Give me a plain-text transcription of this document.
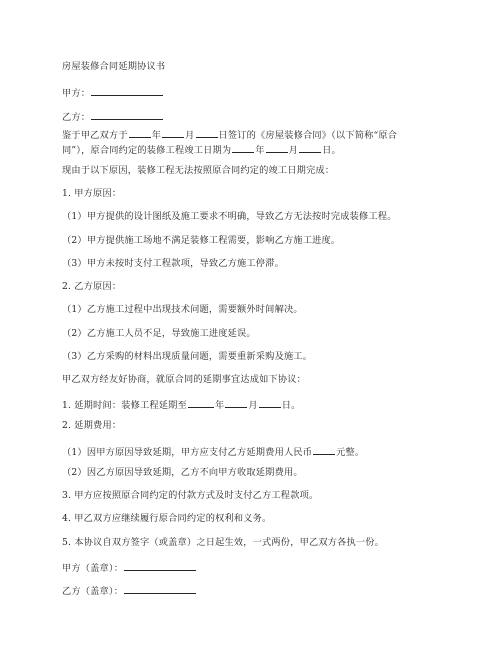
房屋装修合同延期协议书
甲方：
乙方：
鉴于甲乙双方于	年	月	日签订的《房屋装修合同》（以下简称“原合
同”），原合同约定的装修工程竣工日期为	年	月	日。
现由于以下原因，装修工程无法按照原合同约定的竣工日期完成：
1. 甲方原因：
（1）甲方提供的设计图纸及施工要求不明确，导致乙方无法按时完成装修工程。
（2）甲方提供施工场地不满足装修工程需要，影响乙方施工进度。
（3）甲方未按时支付工程款项，导致乙方施工停滞。
2. 乙方原因：
（1）乙方施工过程中出现技术问题，需要额外时间解决。
（2）乙方施工人员不足，导致施工进度延误。
（3）乙方采购的材料出现质量问题，需要重新采购及施工。
甲乙双方经友好协商，就原合同的延期事宜达成如下协议：
1. 延期时间：装修工程延期至	年	月	日。
2. 延期费用：
（1）因甲方原因导致延期，甲方应支付乙方延期费用人民币	元整。
（2）因乙方原因导致延期，乙方不向甲方收取延期费用。
3. 甲方应按照原合同约定的付款方式及时支付乙方工程款项。
4. 甲乙双方应继续履行原合同约定的权利和义务。
5. 本协议自双方签字（或盖章）之日起生效，一式两份，甲乙双方各执一份。
甲方（盖章）：
乙方（盖章）：
